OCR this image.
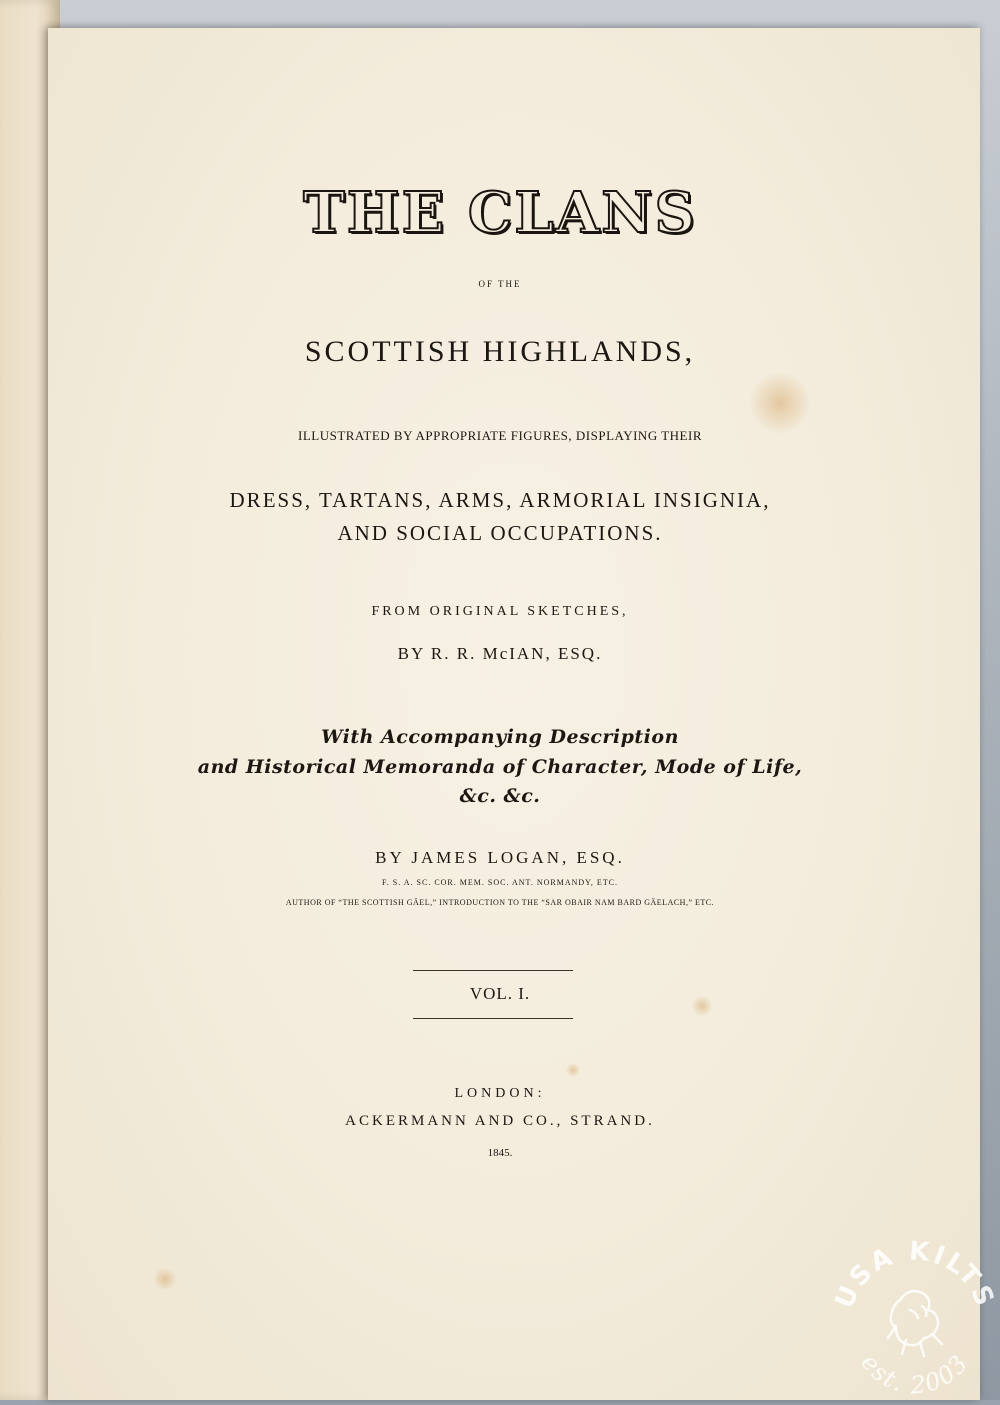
THE CLANS
OF THE
SCOTTISH HIGHLANDS,
ILLUSTRATED BY APPROPRIATE FIGURES, DISPLAYING THEIR
DRESS, TARTANS, ARMS, ARMORIAL INSIGNIA,
AND SOCIAL OCCUPATIONS.
FROM ORIGINAL SKETCHES,
BY R. R. McIAN, ESQ.
With Accompanying Description
and Historical Memoranda of Character, Mode of Life,
&c. &c.
BY JAMES LOGAN, ESQ.
F. S. A. SC. COR. MEM. SOC. ANT. NORMANDY, ETC.
AUTHOR OF “THE SCOTTISH GÄEL,” INTRODUCTION TO THE “SAR OBAIR NAM BARD GÄELACH,” ETC.
VOL. I.
LONDON:
ACKERMANN AND CO., STRAND.
1845.
USA KILTS
est. 2003
